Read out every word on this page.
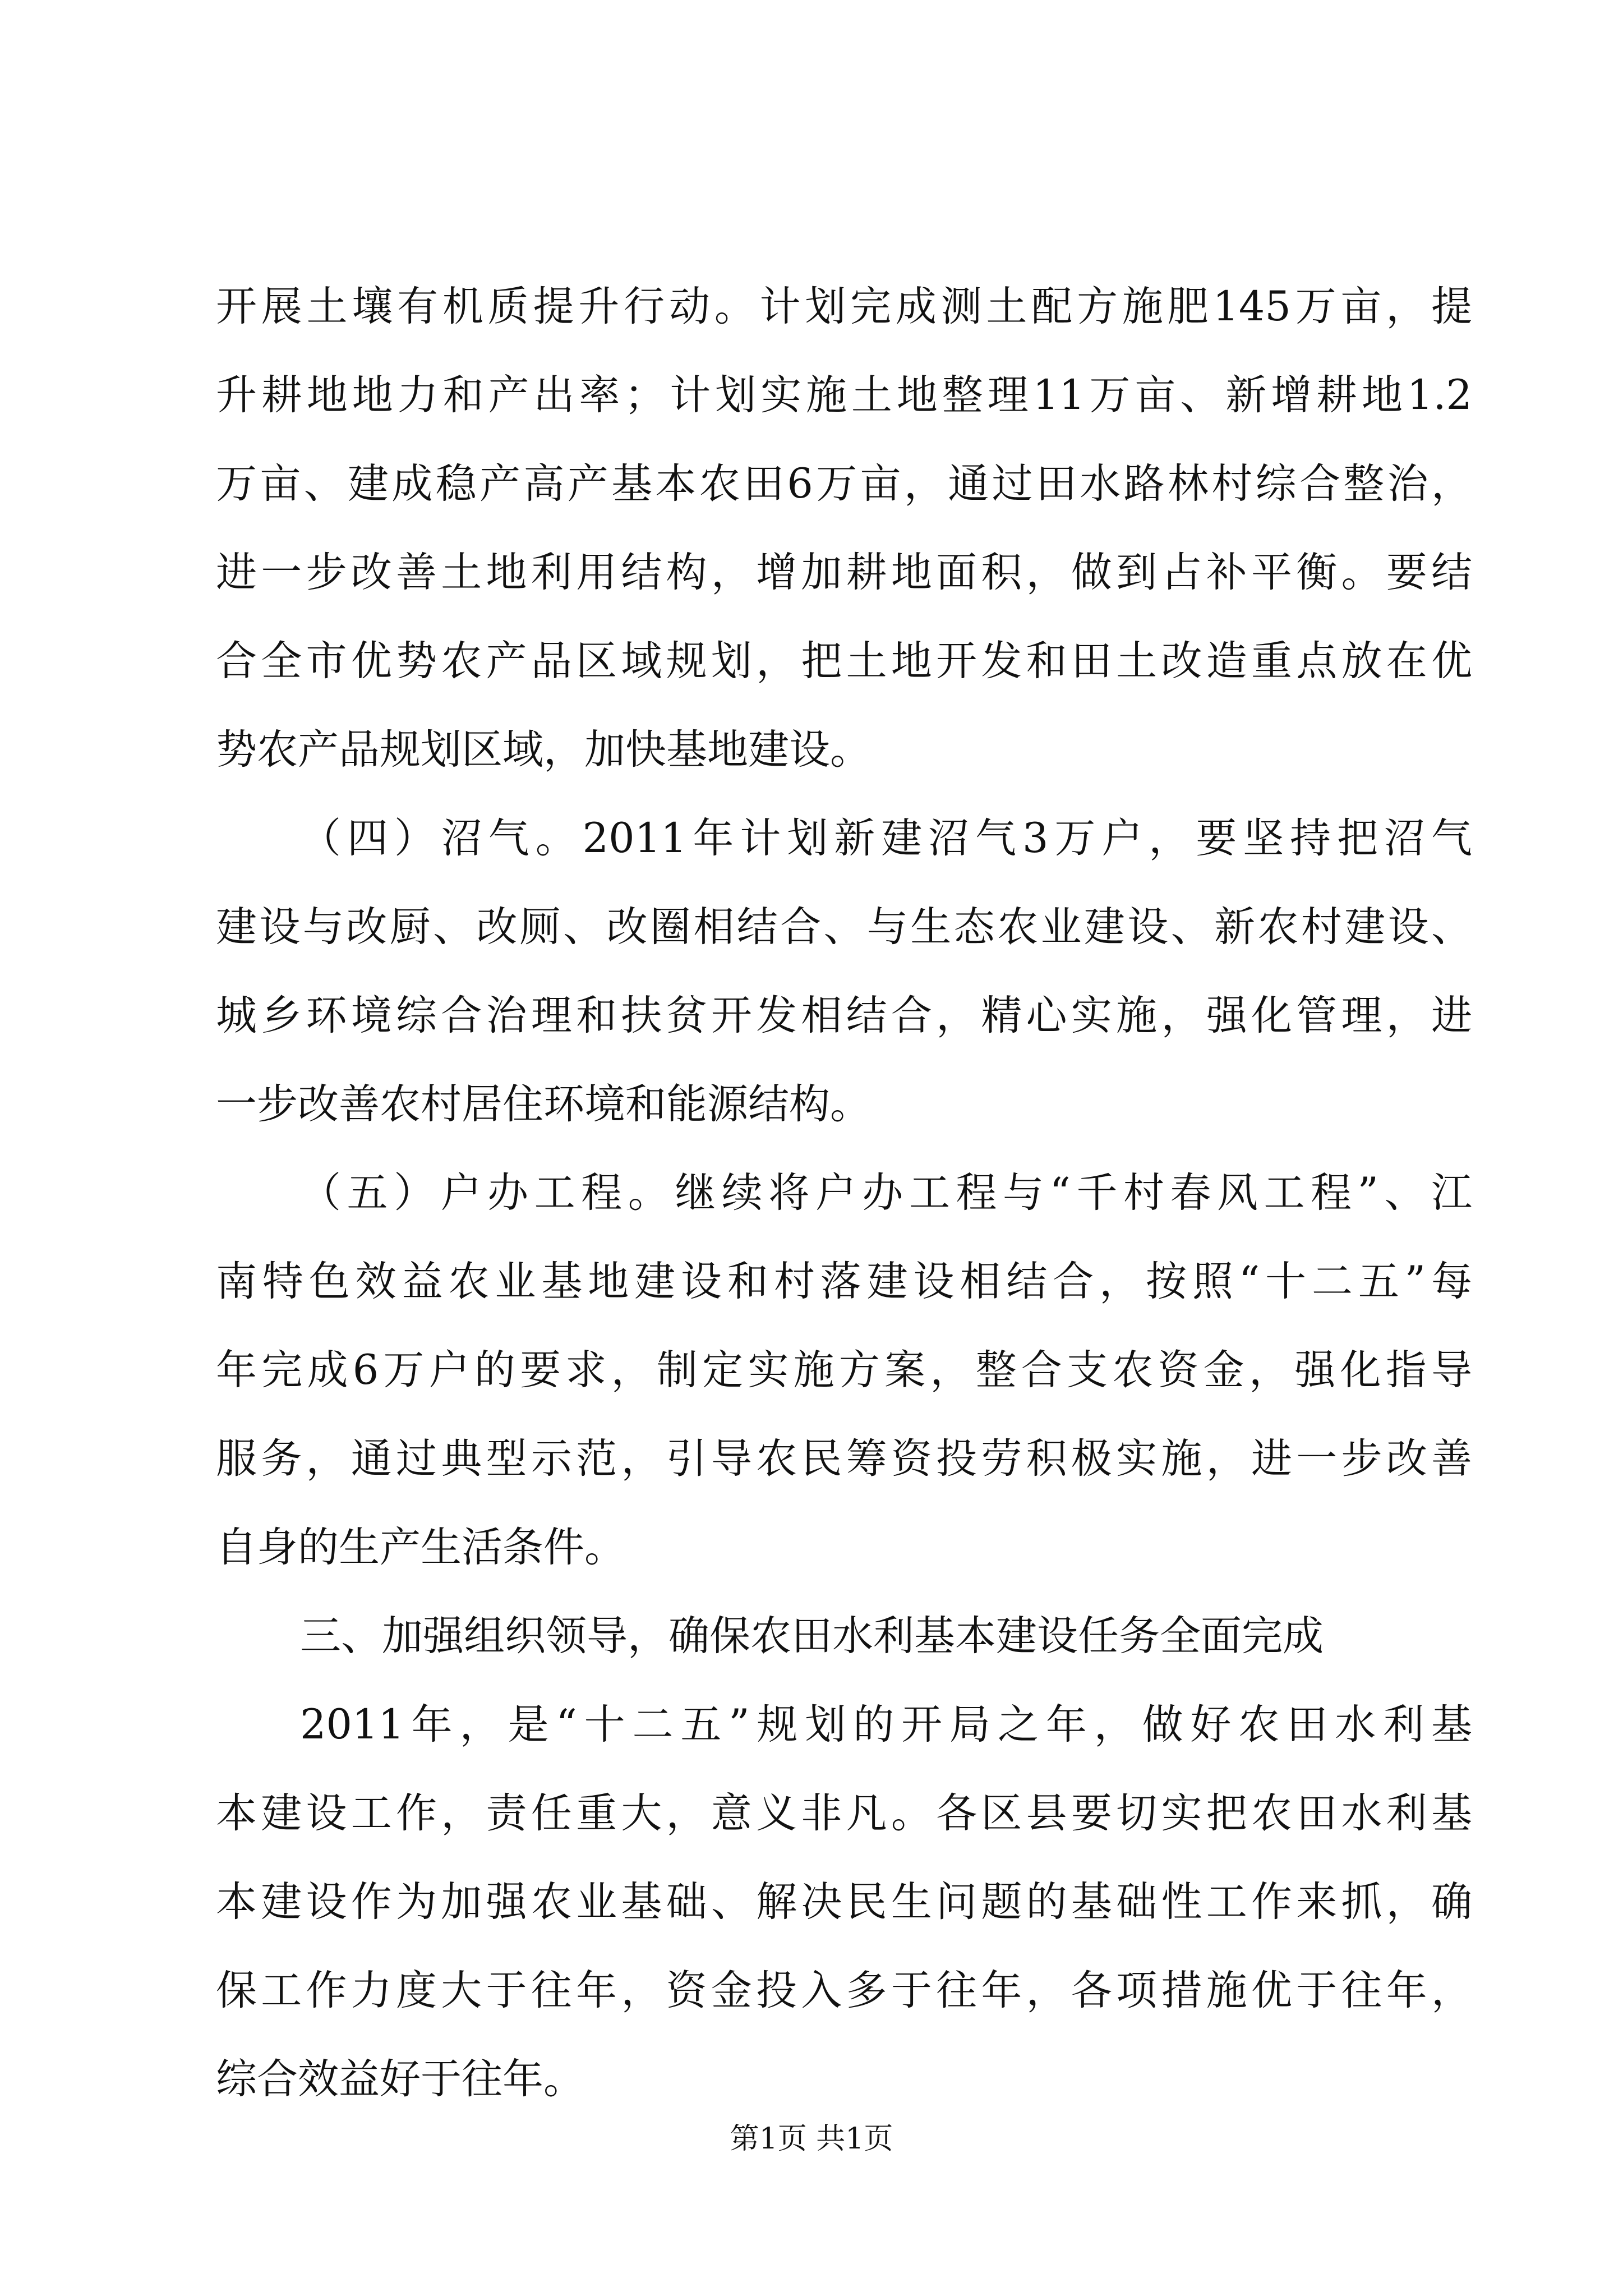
开展土壤有机质提升行动。计划完成测土配方施肥145万亩，提
升耕地地力和产出率；计划实施土地整理11万亩、新增耕地1.2
万亩、建成稳产高产基本农田6万亩，通过田水路林村综合整治，
进一步改善土地利用结构，增加耕地面积，做到占补平衡。要结
合全市优势农产品区域规划，把土地开发和田土改造重点放在优
势农产品规划区域，加快基地建设。
（四）沼气。2011年计划新建沼气3万户，要坚持把沼气
建设与改厨、改厕、改圈相结合、与生态农业建设、新农村建设、
城乡环境综合治理和扶贫开发相结合，精心实施，强化管理，进
一步改善农村居住环境和能源结构。
（五）户办工程。继续将户办工程与“千村春风工程”、江
南特色效益农业基地建设和村落建设相结合，按照“十二五”每
年完成6万户的要求，制定实施方案，整合支农资金，强化指导
服务，通过典型示范，引导农民筹资投劳积极实施，进一步改善
自身的生产生活条件。
三、加强组织领导，确保农田水利基本建设任务全面完成
2011年，是“十二五”规划的开局之年，做好农田水利基
本建设工作，责任重大，意义非凡。各区县要切实把农田水利基
本建设作为加强农业基础、解决民生问题的基础性工作来抓，确
保工作力度大于往年，资金投入多于往年，各项措施优于往年，
综合效益好于往年。
第1页 共1页
